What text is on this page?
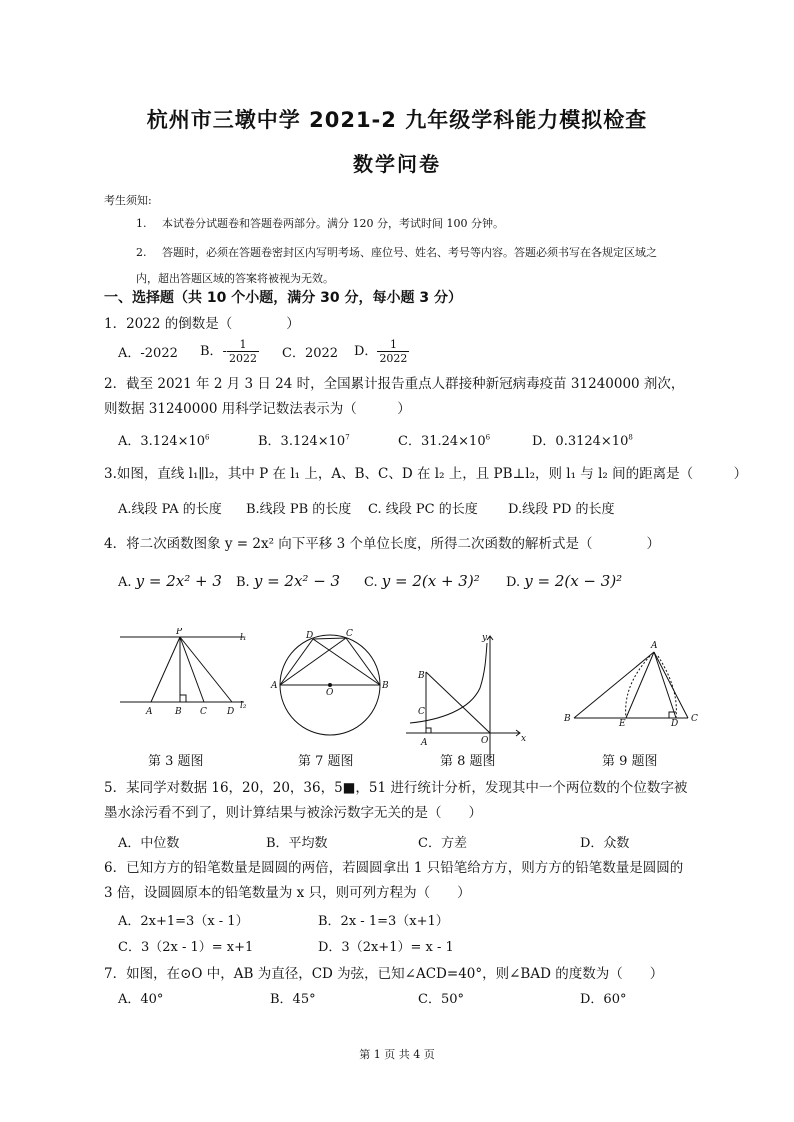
杭州市三墩中学 2021-2 九年级学科能力模拟检查
数学问卷
考生须知:
1. 本试卷分试题卷和答题卷两部分。满分 120 分，考试时间 100 分钟。
2. 答题时，必须在答题卷密封区内写明考场、座位号、姓名、考号等内容。答题必须书写在各规定区域之内，超出答题区域的答案将被视为无效。
一、选择题（共 10 个小题，满分 30 分，每小题 3 分）
1．2022 的倒数是（　　　　）
A．-2022 B．- $\frac{1}{2022}$ C．2022 D． $\frac{1}{2022}$
2．截至 2021 年 2 月 3 日 24 时，全国累计报告重点人群接种新冠病毒疫苗 31240000 剂次，则数据 31240000 用科学记数法表示为（　　　）
A．$3.124\times 10^6$	B．$3.124\times 10^7$	C．$31.24\times 10^6$	D．$0.3124\times 10^8$
3.如图，直线 l₁∥l₂，其中 P 在 l₁ 上，A、B、C、D 在 l₂ 上，且 PB⊥l₂，则 l₁ 与 l₂ 间的距离是（　　　）
A.线段 PA 的长度 B.线段 PB 的长度 C. 线段 PC 的长度 D.线段 PD 的长度
4．将二次函数图象 y = 2x² 向下平移 3 个单位长度，所得二次函数的解析式是（　　　　）
A. y = 2x² + 3 B. y = 2x² − 3 C. y = 2(x + 3)² D. y = 2(x − 3)²
P
l₁
l₂
A	B C D
D	C
A
O
B
y
x
B
C
A	O
A
B	E	D C
第 3 题图	第 7 题图	第 8 题图	第 9 题图
5．某同学对数据 16，20，20，36，5■，51 进行统计分析，发现其中一个两位数的个位数字被墨水涂污看不到了，则计算结果与被涂污数字无关的是（　　）
A．中位数	B．平均数	C．方差	D．众数
6．已知方方的铅笔数量是圆圆的两倍，若圆圆拿出 1 只铅笔给方方，则方方的铅笔数量是圆圆的 3 倍，设圆圆原本的铅笔数量为 x 只，则可列方程为（　　）
A．2x+1=3（x - 1）	B．2x - 1=3（x+1）
C．3（2x - 1）= x+1	D．3（2x+1）= x - 1
7．如图，在⊙O 中，AB 为直径，CD 为弦，已知∠ACD=40°，则∠BAD 的度数为（　　）
A．40°	B．45°	C．50°	D．60°
第 1 页 共 4 页
